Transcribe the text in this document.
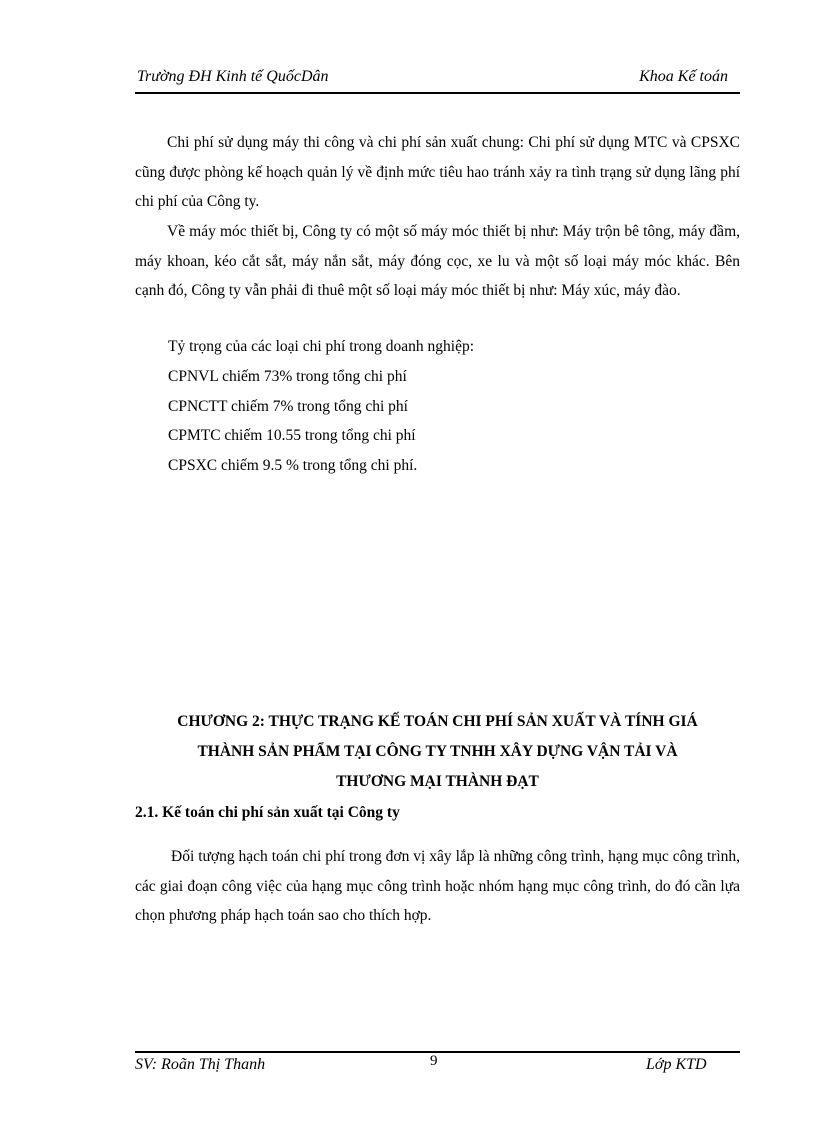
Trường ĐH Kinh tế QuốcDân	Khoa Kế toán

Chi phí sử dụng máy thi công và chi phí sản xuất chung: Chi phí sử dụng MTC và CPSXC cũng được phòng kế hoạch quản lý về định mức tiêu hao tránh xảy ra tình trạng sử dụng lãng phí chi phí của Công ty.

Về máy móc thiết bị, Công ty có một số máy móc thiết bị như: Máy trộn bê tông, máy đầm, máy khoan, kéo cắt sắt, máy nắn sắt, máy đóng cọc, xe lu và một số loại máy móc khác. Bên cạnh đó, Công ty vẫn phải đi thuê một số loại máy móc thiết bị như: Máy xúc, máy đào.

Tỷ trọng của các loại chi phí trong doanh nghiệp:

CPNVL chiếm 73% trong tổng chi phí

CPNCTT chiếm 7% trong tổng chi phí

CPMTC chiếm 10.55 trong tổng chi phí

CPSXC chiếm 9.5 % trong tổng chi phí.

CHƯƠNG 2: THỰC TRẠNG KẾ TOÁN CHI PHÍ SẢN XUẤT VÀ TÍNH GIÁ
THÀNH SẢN PHẨM TẠI CÔNG TY TNHH XÂY DỰNG VẬN TẢI VÀ
THƯƠNG MẠI THÀNH ĐẠT

2.1. Kế toán chi phí sản xuất tại Công ty

Đối tượng hạch toán chi phí trong đơn vị xây lắp là những công trình, hạng mục công trình, các giai đoạn công việc của hạng mục công trình hoặc nhóm hạng mục công trình, do đó cần lựa chọn phương pháp hạch toán sao cho thích hợp.

SV: Roãn Thị Thanh	9	Lớp KTD
